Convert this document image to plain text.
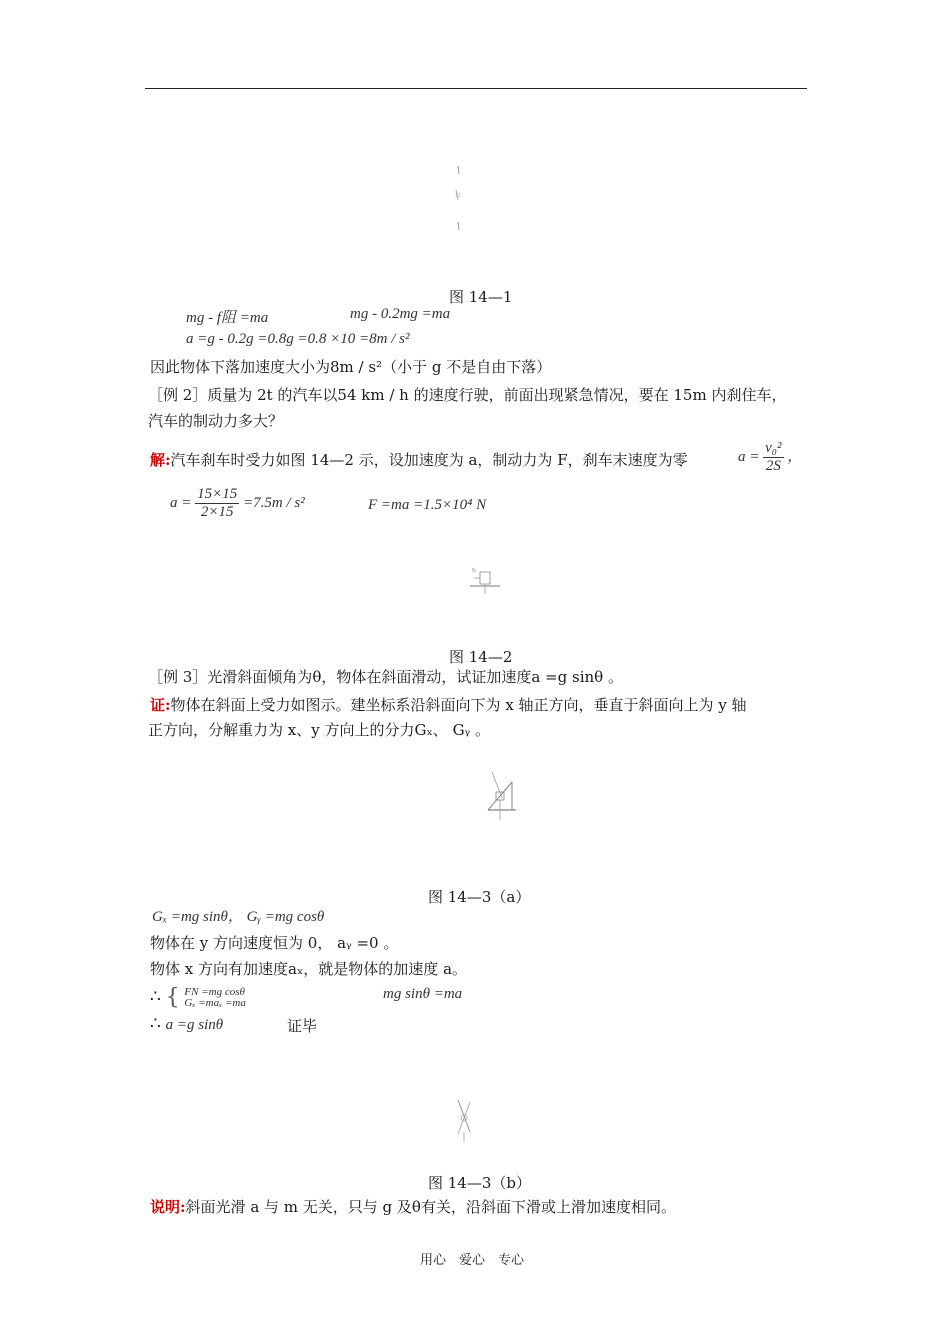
图 14—1
mg - f阻 =ma	mg - 0.2mg =ma
a =g - 0.2g =0.8g =0.8 ×10 =8m / s²
因此物体下落加速度大小为8m / s²（小于 g 不是自由下落）
［例 2］质量为 2t 的汽车以54 km / h 的速度行驶，前面出现紧急情况，要在 15m 内刹住车，
汽车的制动力多大？
解:汽车刹车时受力如图 14—2 示，设加速度为 a，制动力为 F，刹车末速度为零	$a = \frac{\text{v₀²}}{2S}$ ，
$a = \frac{15\times 15}{2\times 15} =7.5m / s^2$	F =ma =1.5×10⁴ N
N
图 14—2
［例 3］光滑斜面倾角为θ，物体在斜面滑动，试证加速度a =g sinθ 。
证:物体在斜面上受力如图示。建坐标系沿斜面向下为 x 轴正方向，垂直于斜面向上为 y 轴
正方向，分解重力为 x、y 方向上的分力Gₓ、 Gᵧ 。
图 14—3（a）
Gₓ =mg sinθ， Gᵧ =mg cosθ
物体在 y 方向速度恒为 0， aᵧ =0 。
物体 x 方向有加速度aₓ，就是物体的加速度 a。
∴ { FN =mg cosθ
Gₓ =maₓ =ma
mg sinθ =ma
∴ a =g sinθ	证毕
图 14—3（b）
说明:斜面光滑 a 与 m 无关，只与 g 及θ有关，沿斜面下滑或上滑加速度相同。
用心　爱心　专心
